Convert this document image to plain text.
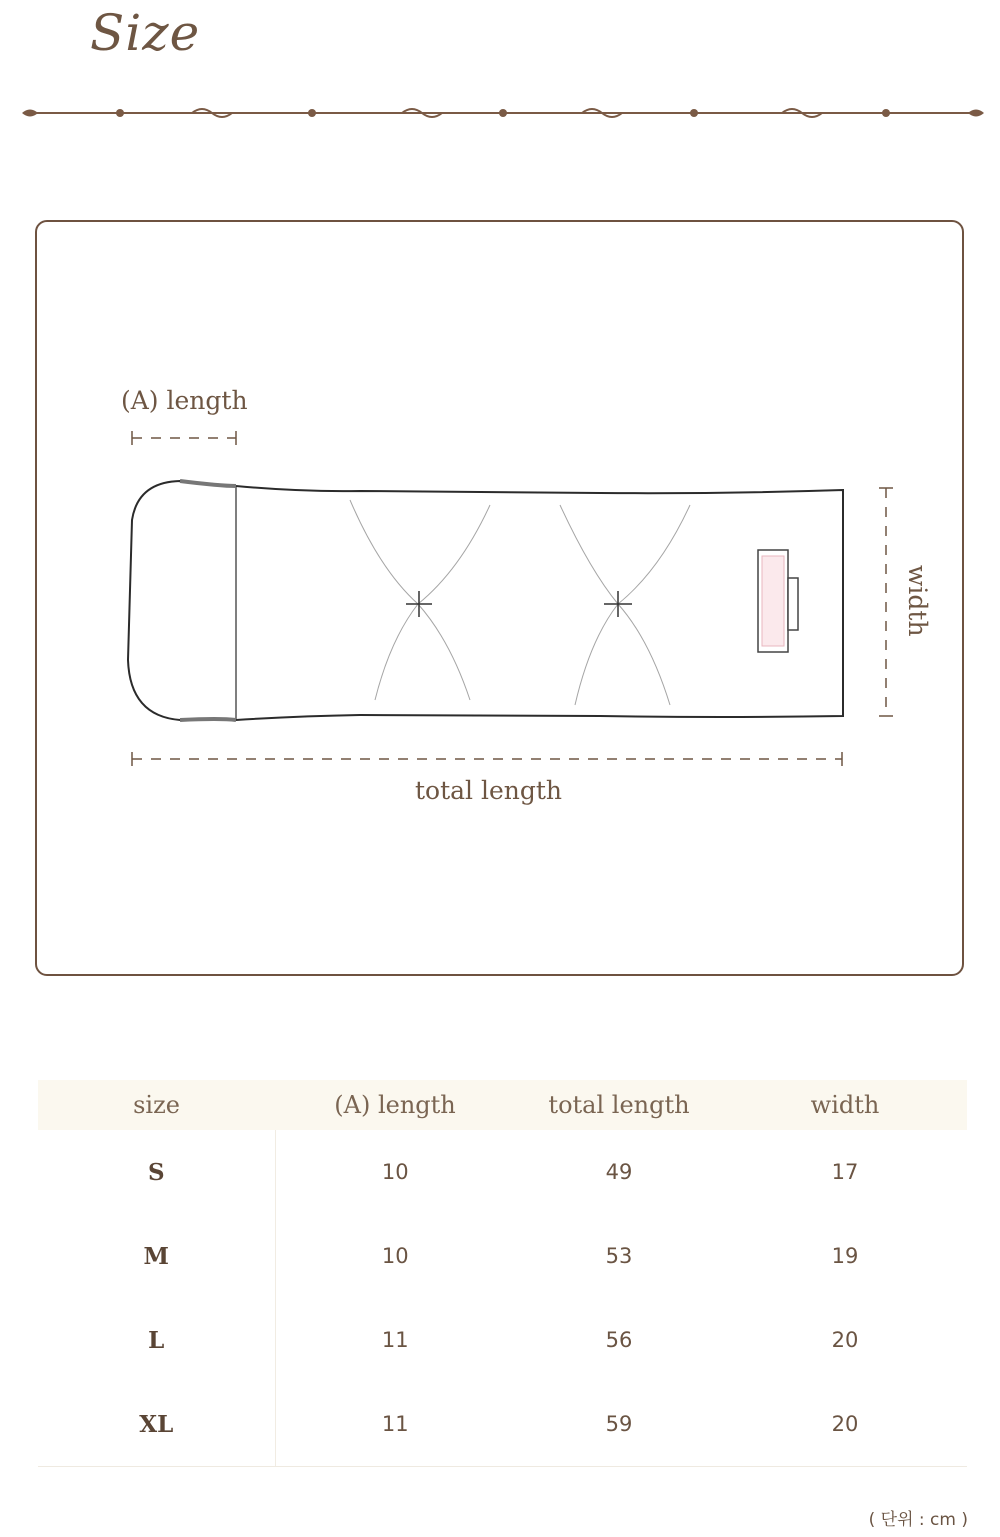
Size
(A) length
total length
width
size	(A) length	total length	width
S	10	49	17
M	10	53	19
L	11	56	20
XL	11	59	20
( 단위 : cm )
